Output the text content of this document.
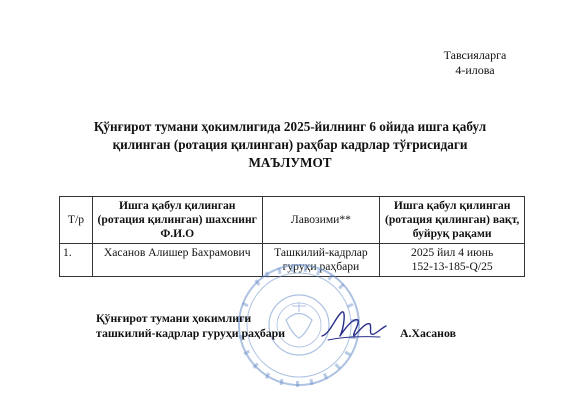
Тавсияларга
4-илова
Қўнғирот тумани ҳокимлигида 2025-йилнинг 6 ойида ишга қабул
қилинган (ротация қилинган) раҳбар кадрлар тўғрисидаги
МАЪЛУМОТ
Т/р	Ишга қабул қилинган (ротация қилинган) шахснинг Ф.И.О	Лавозими**	Ишга қабул қилинган (ротация қилинган) вақт, буйруқ рақами
1.	Хасанов Алишер Бахрамович	Ташкилий-кадрлар гуруҳи раҳбари	2025 йил 4 июнь
152-13-185-Q/25
Қўнғирот тумани ҳокимлиги
ташкилий-кадрлар гуруҳи раҳбари	А.Хасанов
